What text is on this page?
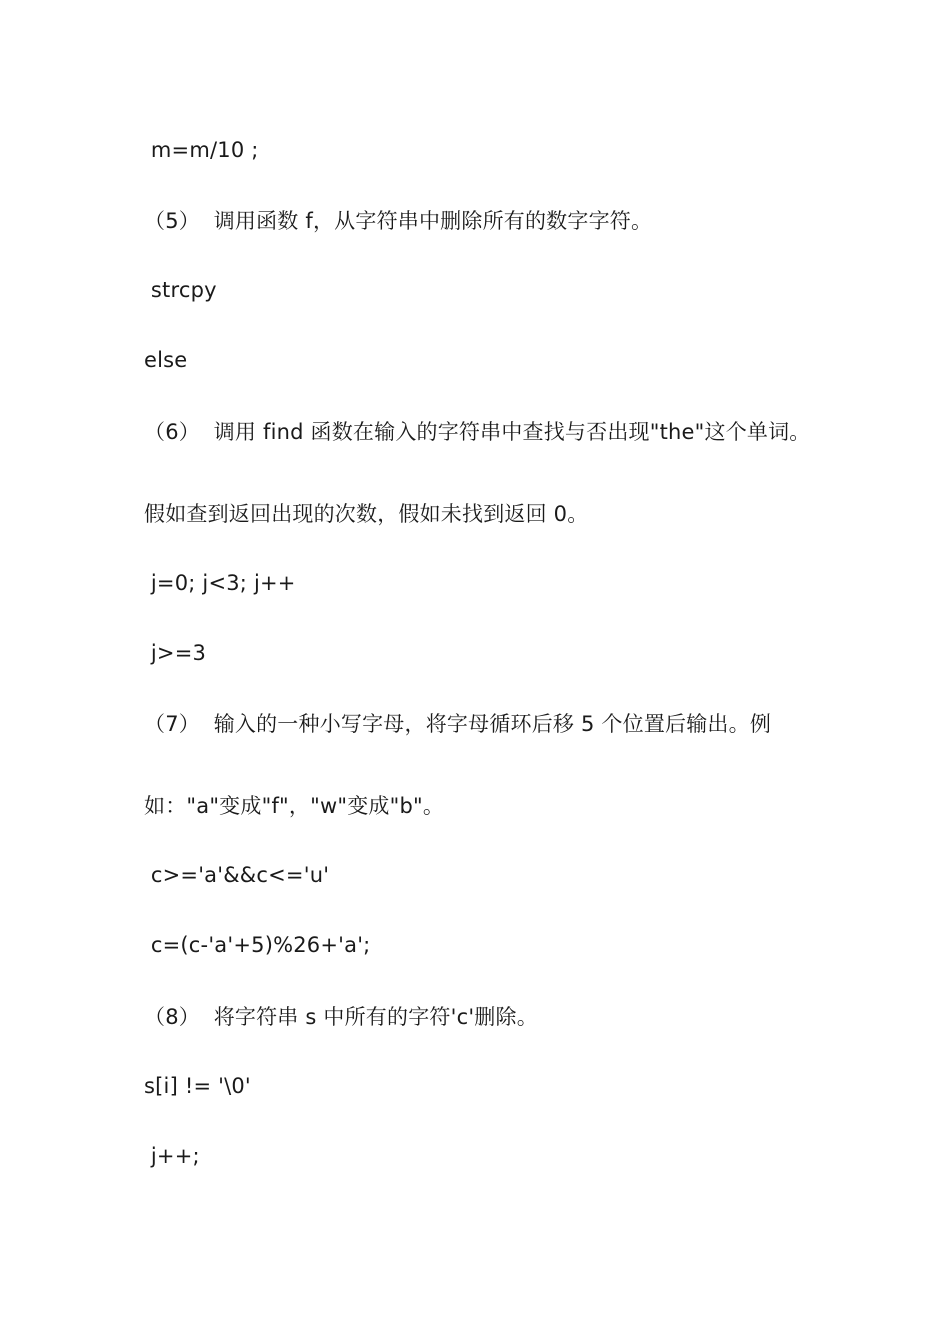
m=m/10 ;
（5）  调用函数 f，从字符串中删除所有的数字字符。
strcpy
else
（6）  调用 find 函数在输入的字符串中查找与否出现"the"这个单词。
假如查到返回出现的次数，假如未找到返回 0。
j=0; j<3; j++
j>=3
（7）  输入的一种小写字母，将字母循环后移 5 个位置后输出。例
如："a"变成"f"，"w"变成"b"。
c>='a'&&c<='u'
c=(c-'a'+5)%26+'a';
（8）  将字符串 s 中所有的字符'c'删除。
s[i] != '\0'
j++;
